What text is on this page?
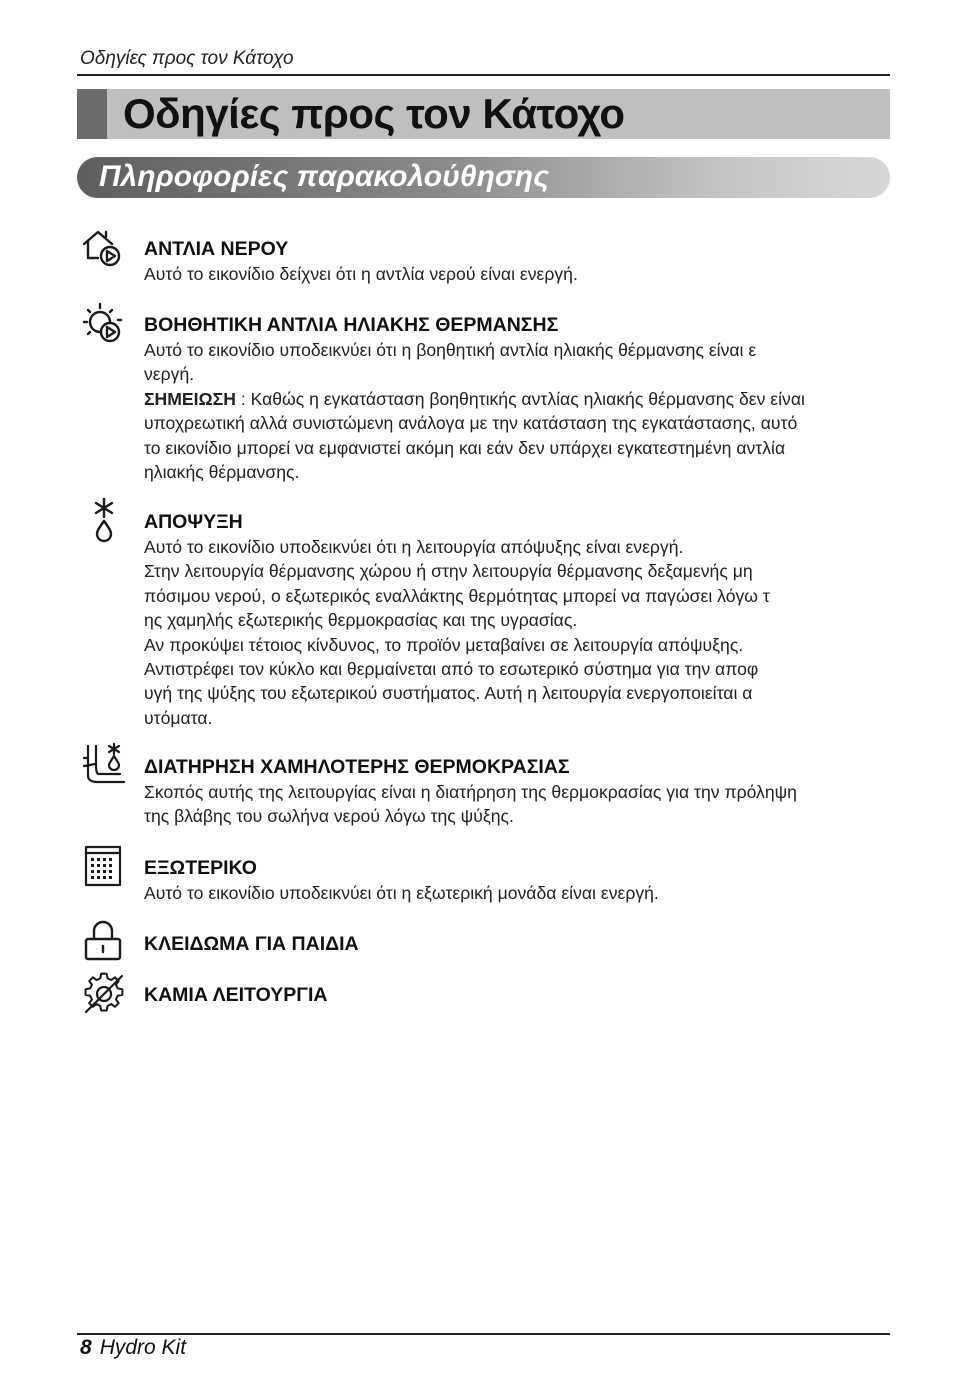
Οδηγίες προς τον Κάτοχο
Οδηγίες προς τον Κάτοχο
Πληροφορίες παρακολούθησης
ΑΝΤΛΙΑ ΝΕΡΟΥ

Αυτό το εικονίδιο δείχνει ότι η αντλία νερού είναι ενεργή.

ΒΟΗΘΗΤΙΚΗ ΑΝΤΛΙΑ ΗΛΙΑΚΗΣ ΘΕΡΜΑΝΣΗΣ

Αυτό το εικονίδιο υποδεικνύει ότι η βοηθητική αντλία ηλιακής θέρμανσης είναι ε
νεργή.

ΣΗΜΕΙΩΣΗ : Καθώς η εγκατάσταση βοηθητικής αντλίας ηλιακής θέρμανσης δεν είναι
υποχρεωτική αλλά συνιστώμενη ανάλογα με την κατάσταση της εγκατάστασης, αυτό
το εικονίδιο μπορεί να εμφανιστεί ακόμη και εάν δεν υπάρχει εγκατεστημένη αντλία
ηλιακής θέρμανσης.

ΑΠΟΨΥΞΗ

Αυτό το εικονίδιο υποδεικνύει ότι η λειτουργία απόψυξης είναι ενεργή.
Στην λειτουργία θέρμανσης χώρου ή στην λειτουργία θέρμανσης δεξαμενής μη
πόσιμου νερού, ο εξωτερικός εναλλάκτης θερμότητας μπορεί να παγώσει λόγω τ
ης χαμηλής εξωτερικής θερμοκρασίας και της υγρασίας.
Αν προκύψει τέτοιος κίνδυνος, το προϊόν μεταβαίνει σε λειτουργία απόψυξης.
Αντιστρέφει τον κύκλο και θερμαίνεται από το εσωτερικό σύστημα για την αποφ
υγή της ψύξης του εξωτερικού συστήματος. Αυτή η λειτουργία ενεργοποιείται α
υτόματα.

ΔΙΑΤΗΡΗΣΗ ΧΑΜΗΛΟΤΕΡΗΣ ΘΕΡΜΟΚΡΑΣΙΑΣ

Σκοπός αυτής της λειτουργίας είναι η διατήρηση της θερμοκρασίας για την πρόληψη
της βλάβης του σωλήνα νερού λόγω της ψύξης.

ΕΞΩΤΕΡΙΚΟ

Αυτό το εικονίδιο υποδεικνύει ότι η εξωτερική μονάδα είναι ενεργή.

ΚΛΕΙΔΩΜΑ ΓΙΑ ΠΑΙΔΙΑ
ΚΑΜΙΑ ΛΕΙΤΟΥΡΓΙΑ
8 Hydro Kit
